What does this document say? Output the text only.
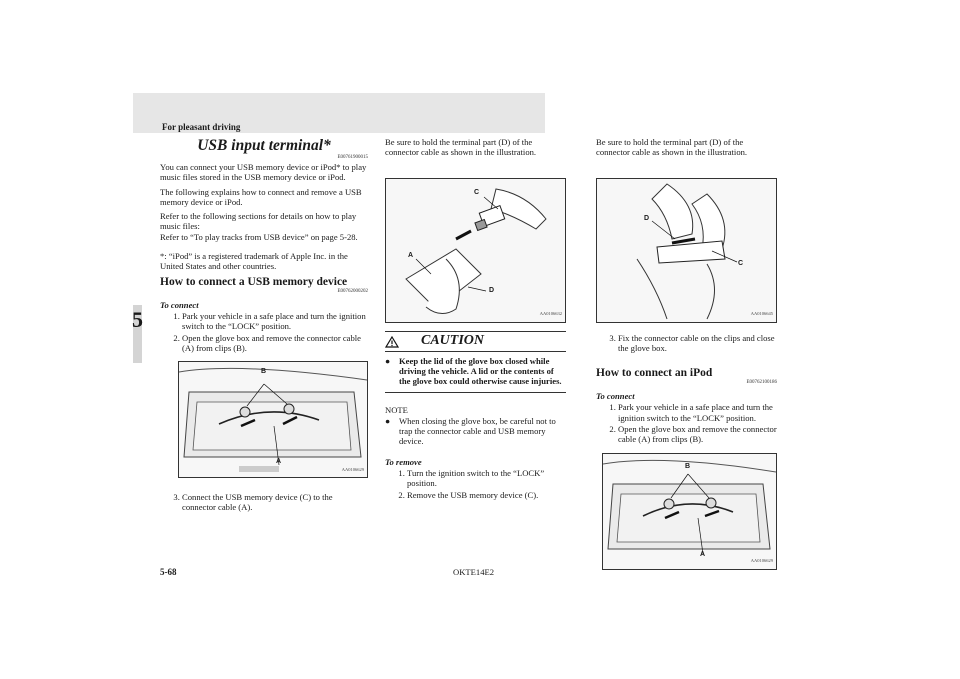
For pleasant driving
5
USB input terminal*
E00761900015

You can connect your USB memory device or iPod* to play music files stored in the USB memory device or iPod.

The following explains how to connect and remove a USB memory device or iPod.

Refer to the following sections for details on how to play music files:

Refer to “To play tracks from USB device” on page 5-28.

*: “iPod” is a registered trademark of Apple Inc. in the United States and other countries.

How to connect a USB memory device
E00762000202
To connect
1. Park your vehicle in a safe place and turn the ignition switch to the “LOCK” position.
2. Open the glove box and remove the connector cable (A) from clips (B).
B
A
AA0106629
3. Connect the USB memory device (C) to the connector cable (A).

Be sure to hold the terminal part (D) of the connector cable as shown in the illustration.

C
A
D
AA0106632
CAUTION
●	Keep the lid of the glove box closed while driving the vehicle. A lid or the contents of the glove box could otherwise cause injuries.
NOTE
●	When closing the glove box, be careful not to trap the connector cable and USB memory device.
To remove
1. Turn the ignition switch to the “LOCK” position.
2. Remove the USB memory device (C).

Be sure to hold the terminal part (D) of the connector cable as shown in the illustration.

D
C
AA0106645
3. Fix the connector cable on the clips and close the glove box.
How to connect an iPod
E00762100186
To connect
1. Park your vehicle in a safe place and turn the ignition switch to the “LOCK” position.
2. Open the glove box and remove the connector cable (A) from clips (B).
B
A
AA0106629
5-68	OKTE14E2
